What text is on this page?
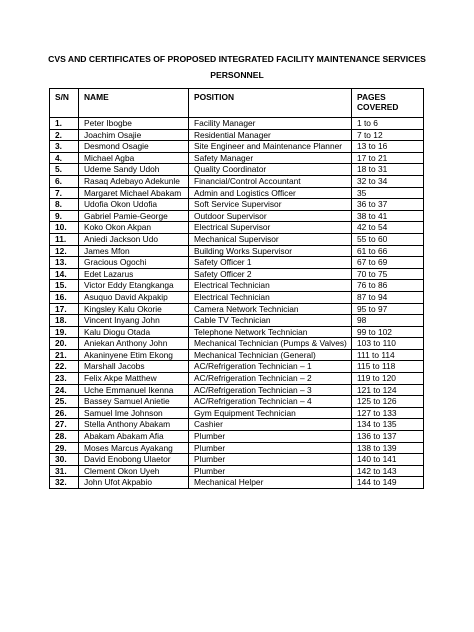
CVS AND CERTIFICATES OF PROPOSED INTEGRATED FACILITY MAINTENANCE SERVICES
PERSONNEL
S/N	NAME	POSITION	PAGES
COVERED

1.	Peter Ibogbe	Facility Manager	1 to 6
2.	Joachim Osajie	Residential Manager	7 to 12
3.	Desmond Osagie	Site Engineer and Maintenance Planner	13 to 16
4.	Michael Agba	Safety Manager	17 to 21
5.	Udeme Sandy Udoh	Quality Coordinator	18 to 31
6.	Rasaq Adebayo Adekunle	Financial/Control Accountant	32 to 34
7.	Margaret Michael Abakam	Admin and Logistics Officer	35
8.	Udofia Okon Udofia	Soft Service Supervisor	36 to 37
9.	Gabriel Pamie-George	Outdoor Supervisor	38 to 41
10.	Koko Okon Akpan	Electrical Supervisor	42 to 54
11.	Aniedi Jackson Udo	Mechanical Supervisor	55 to 60
12.	James Mfon	Building Works Supervisor	61 to 66
13.	Gracious Ogochi	Safety Officer 1	67 to 69
14.	Edet Lazarus	Safety Officer 2	70 to 75
15.	Victor Eddy Etangkanga	Electrical Technician	76 to 86
16.	Asuquo David Akpakip	Electrical Technician	87 to 94
17.	Kingsley Kalu Okorie	Camera Network Technician	95 to 97
18.	Vincent Inyang John	Cable TV Technician	98
19.	Kalu Diogu Otada	Telephone Network Technician	99 to 102
20.	Aniekan Anthony John	Mechanical Technician (Pumps & Valves)	103 to 110
21.	Akaninyene Etim Ekong	Mechanical Technician (General)	111 to 114
22.	Marshall Jacobs	AC/Refrigeration Technician – 1	115 to 118
23.	Felix Akpe Matthew	AC/Refrigeration Technician – 2	119 to 120
24.	Uche Emmanuel Ikenna	AC/Refrigeration Technician – 3	121 to 124
25.	Bassey Samuel Anietie	AC/Refrigeration Technician – 4	125 to 126
26.	Samuel Ime Johnson	Gym Equipment Technician	127 to 133
27.	Stella Anthony Abakam	Cashier	134 to 135
28.	Abakam Abakam Afia	Plumber	136 to 137
29.	Moses Marcus Ayakang	Plumber	138 to 139
30.	David Enobong Ulaetor	Plumber	140 to 141
31.	Clement Okon Uyeh	Plumber	142 to 143
32.	John Ufot Akpabio	Mechanical Helper	144 to 149
